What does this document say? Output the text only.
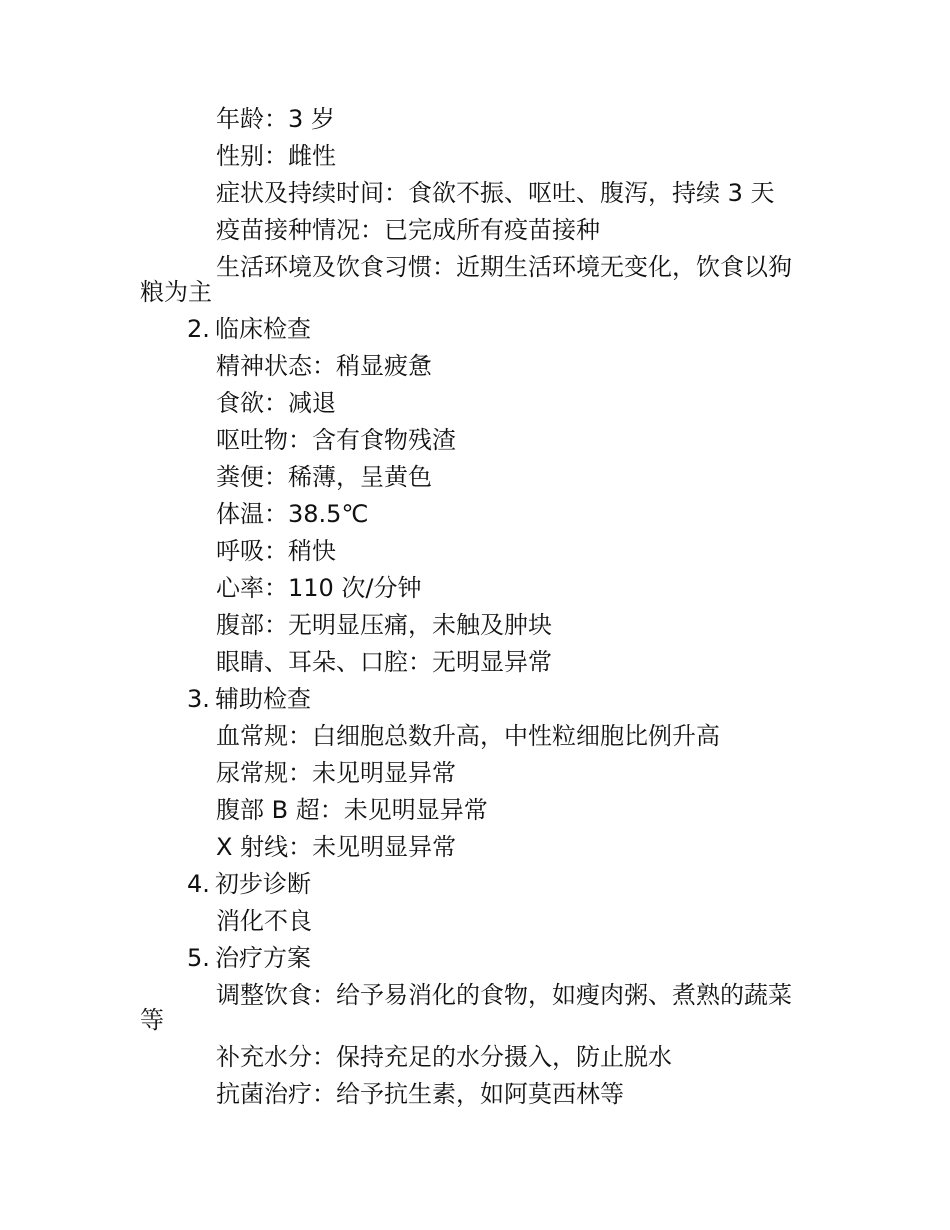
年龄：3 岁

性别：雌性

症状及持续时间：食欲不振、呕吐、腹泻，持续 3 天

疫苗接种情况：已完成所有疫苗接种

生活环境及饮食习惯：近期生活环境无变化，饮食以狗粮为主

2. 临床检查

精神状态：稍显疲惫

食欲：减退

呕吐物：含有食物残渣

粪便：稀薄，呈黄色

体温：38.5℃

呼吸：稍快

心率：110 次/分钟

腹部：无明显压痛，未触及肿块

眼睛、耳朵、口腔：无明显异常

3. 辅助检查

血常规：白细胞总数升高，中性粒细胞比例升高

尿常规：未见明显异常

腹部 B 超：未见明显异常

X 射线：未见明显异常

4. 初步诊断

消化不良

5. 治疗方案

调整饮食：给予易消化的食物，如瘦肉粥、煮熟的蔬菜等

补充水分：保持充足的水分摄入，防止脱水

抗菌治疗：给予抗生素，如阿莫西林等
